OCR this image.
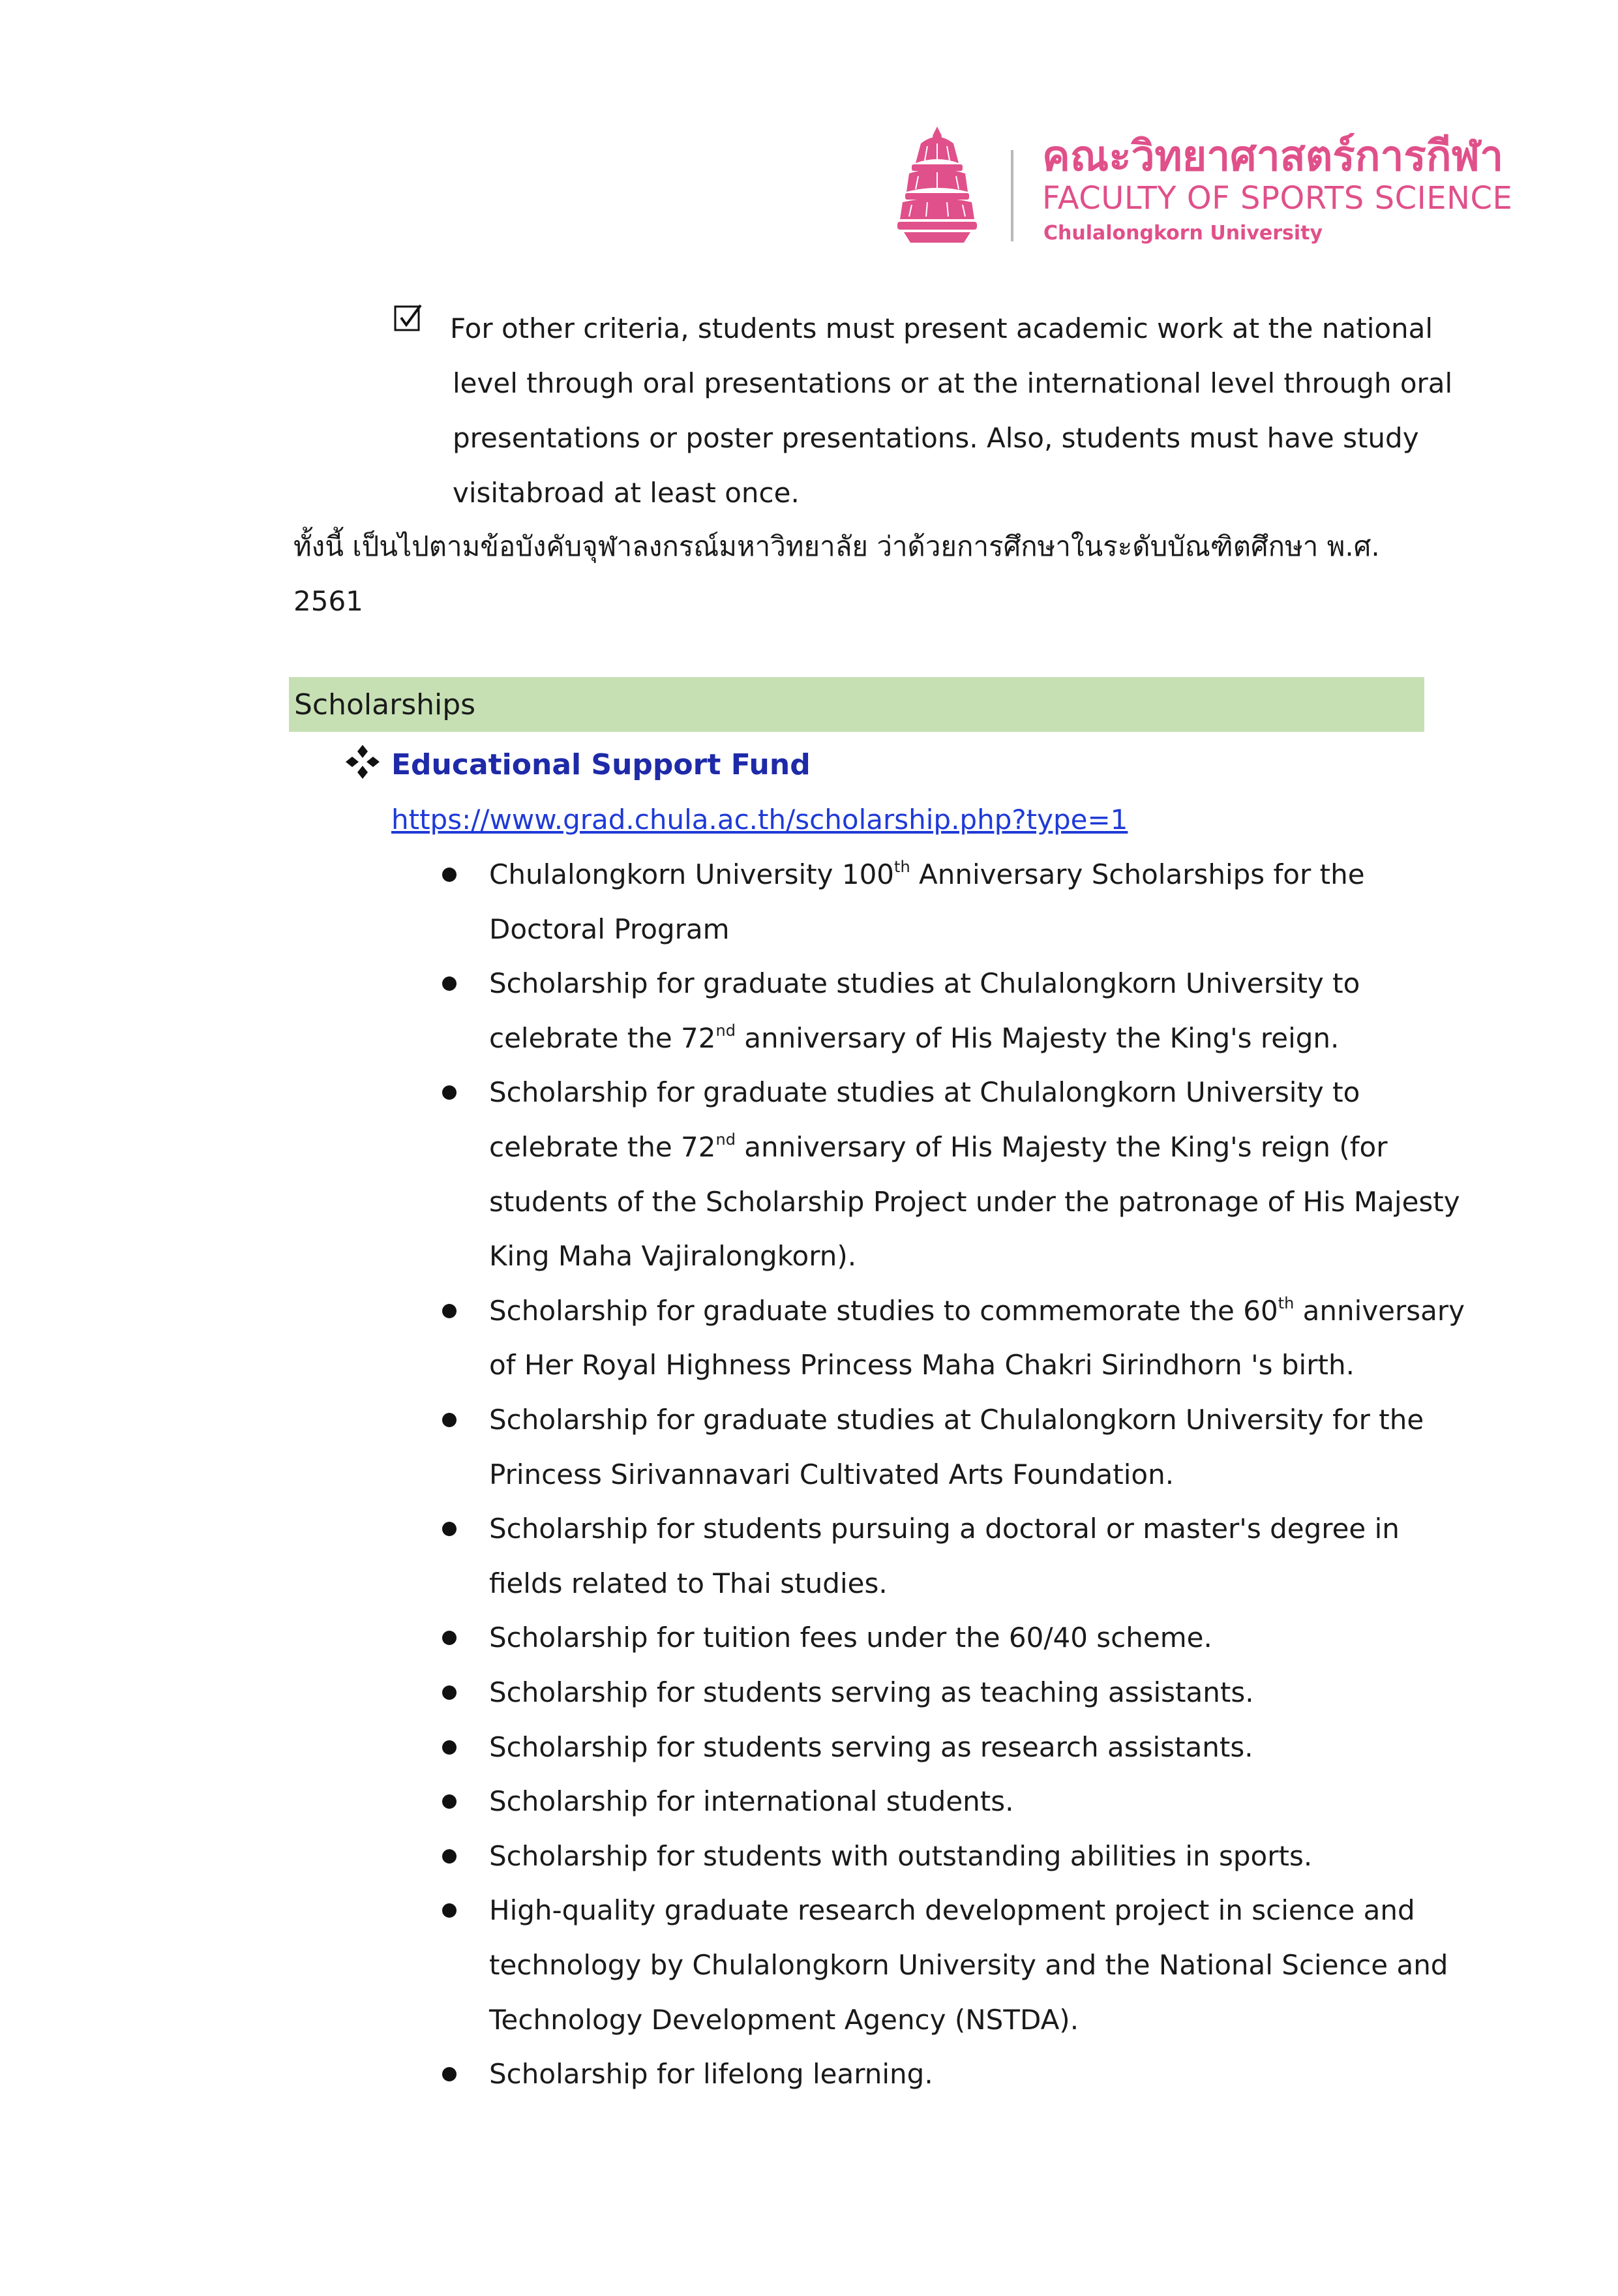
คณะวิทยาศาสตร์การกีฬา
FACULTY OF SPORTS SCIENCE
Chulalongkorn University
For other criteria, students must present academic work at the national
level through oral presentations or at the international level through oral
presentations or poster presentations. Also, students must have study
visitabroad at least once.
ทั้งนี้ เป็นไปตามข้อบังคับจุฬาลงกรณ์มหาวิทยาลัย ว่าด้วยการศึกษาในระดับบัณฑิตศึกษา พ.ศ.
2561
Scholarships
Educational Support Fund
https://www.grad.chula.ac.th/scholarship.php?type=1
Chulalongkorn University 100th Anniversary Scholarships for the
Doctoral Program
Scholarship for graduate studies at Chulalongkorn University to
celebrate the 72nd anniversary of His Majesty the King's reign.
Scholarship for graduate studies at Chulalongkorn University to
celebrate the 72nd anniversary of His Majesty the King's reign (for
students of the Scholarship Project under the patronage of His Majesty
King Maha Vajiralongkorn).
Scholarship for graduate studies to commemorate the 60th anniversary
of Her Royal Highness Princess Maha Chakri Sirindhorn 's birth.
Scholarship for graduate studies at Chulalongkorn University for the
Princess Sirivannavari Cultivated Arts Foundation.
Scholarship for students pursuing a doctoral or master's degree in
fields related to Thai studies.
Scholarship for tuition fees under the 60/40 scheme.
Scholarship for students serving as teaching assistants.
Scholarship for students serving as research assistants.
Scholarship for international students.
Scholarship for students with outstanding abilities in sports.
High-quality graduate research development project in science and
technology by Chulalongkorn University and the National Science and
Technology Development Agency (NSTDA).
Scholarship for lifelong learning.
